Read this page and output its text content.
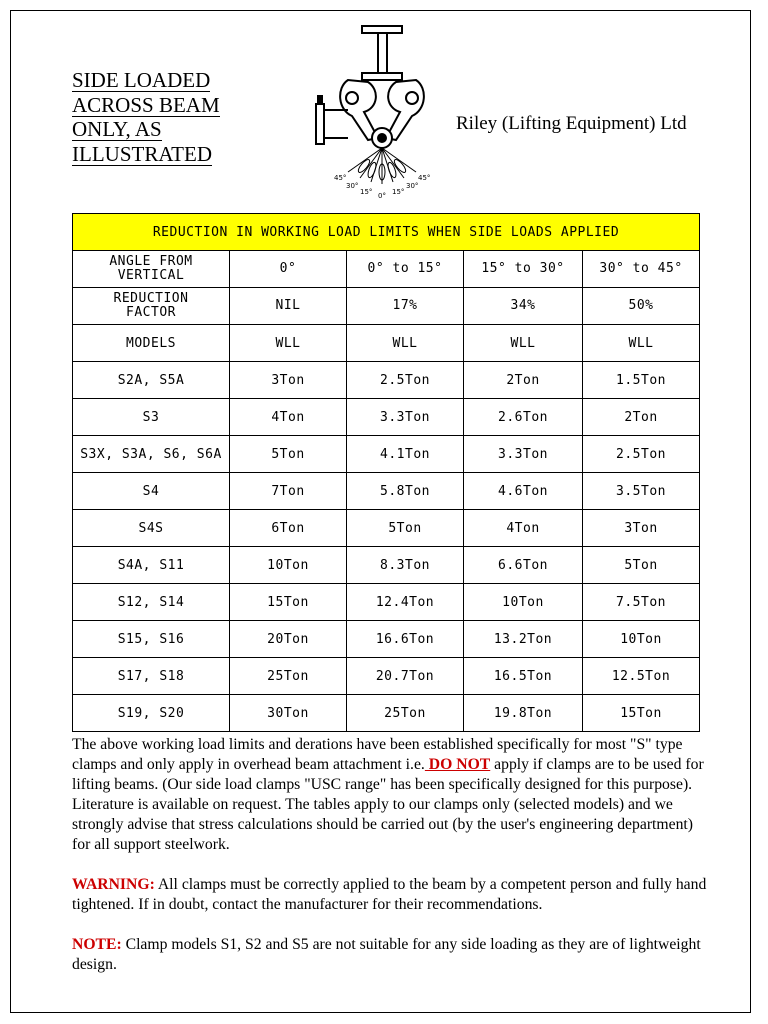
SIDE LOADED
ACROSS BEAM
ONLY, AS
ILLUSTRATED
45°
30°
15° 0° 15°
30°
45°
Riley (Lifting Equipment) Ltd
REDUCTION IN WORKING LOAD LIMITS WHEN SIDE LOADS APPLIED				
ANGLE FROM
VERTICAL	0°	0° to 15°	15° to 30°	30° to 45°
REDUCTION
FACTOR	NIL	17%	34%	50%
MODELS	WLL	WLL	WLL	WLL
S2A, S5A	3Ton	2.5Ton	2Ton	1.5Ton
S3	4Ton	3.3Ton	2.6Ton	2Ton
S3X, S3A, S6, S6A	5Ton	4.1Ton	3.3Ton	2.5Ton
S4	7Ton	5.8Ton	4.6Ton	3.5Ton
S4S	6Ton	5Ton	4Ton	3Ton
S4A, S11	10Ton	8.3Ton	6.6Ton	5Ton
S12, S14	15Ton	12.4Ton	10Ton	7.5Ton
S15, S16	20Ton	16.6Ton	13.2Ton	10Ton
S17, S18	25Ton	20.7Ton	16.5Ton	12.5Ton
S19, S20	30Ton	25Ton	19.8Ton	15Ton

The above working load limits and derations have been established specifically for most "S" type clamps and only apply in overhead beam attachment i.e. DO NOT apply if clamps are to be used for lifting beams. (Our side load clamps "USC range" has been specifically designed for this purpose). Literature is available on request. The tables apply to our clamps only (selected models) and we strongly advise that stress calculations should be carried out (by the user's engineering department) for all support steelwork.

WARNING: All clamps must be correctly applied to the beam by a competent person and fully hand tightened. If in doubt, contact the manufacturer for their recommendations.

NOTE: Clamp models S1, S2 and S5 are not suitable for any side loading as they are of lightweight design.
